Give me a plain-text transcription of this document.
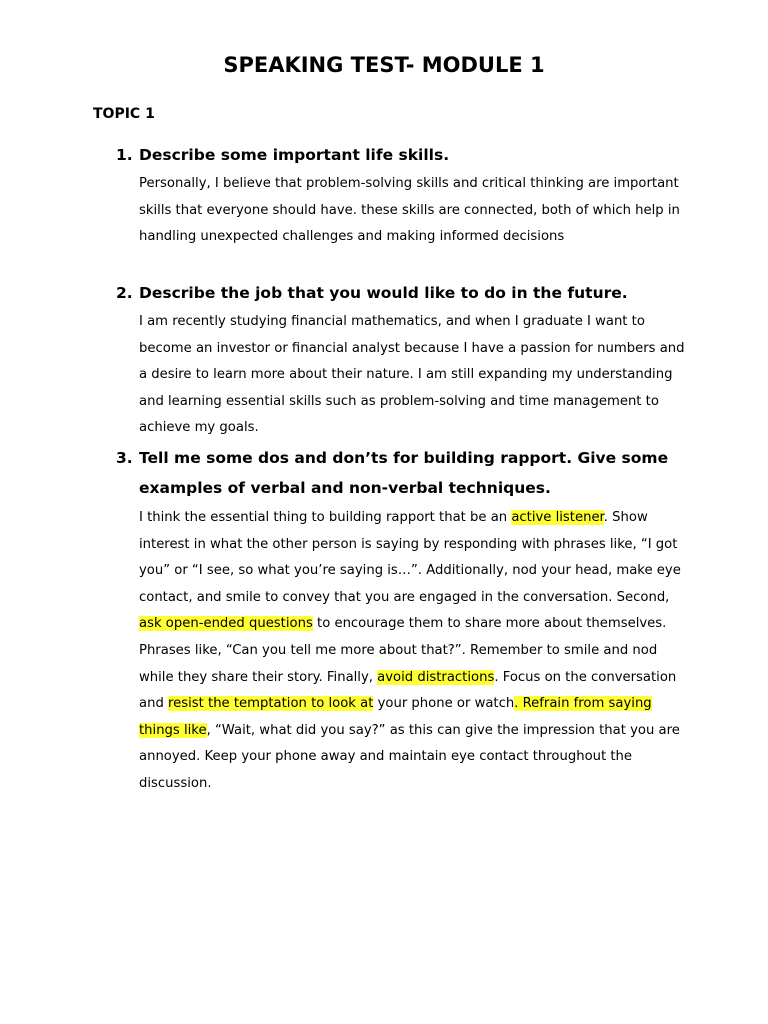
SPEAKING TEST- MODULE 1
TOPIC 1
1. Describe some important life skills.

Personally, I believe that problem-solving skills and critical thinking are important skills that everyone should have. these skills are connected, both of which help in handling unexpected challenges and making informed decisions

2. Describe the job that you would like to do in the future.

I am recently studying financial mathematics, and when I graduate I want to become an investor or financial analyst because I have a passion for numbers and a desire to learn more about their nature. I am still expanding my understanding and learning essential skills such as problem-solving and time management to achieve my goals.

3. Tell me some dos and don’ts for building rapport. Give some examples of verbal and non-verbal techniques.

I think the essential thing to building rapport that be an active listener. Show interest in what the other person is saying by responding with phrases like, “I got you” or “I see, so what you’re saying is…”. Additionally, nod your head, make eye contact, and smile to convey that you are engaged in the conversation. Second, ask open-ended questions to encourage them to share more about themselves. Phrases like, “Can you tell me more about that?”. Remember to smile and nod while they share their story. Finally, avoid distractions. Focus on the conversation and resist the temptation to look at your phone or watch. Refrain from saying things like, “Wait, what did you say?” as this can give the impression that you are annoyed. Keep your phone away and maintain eye contact throughout the discussion.
